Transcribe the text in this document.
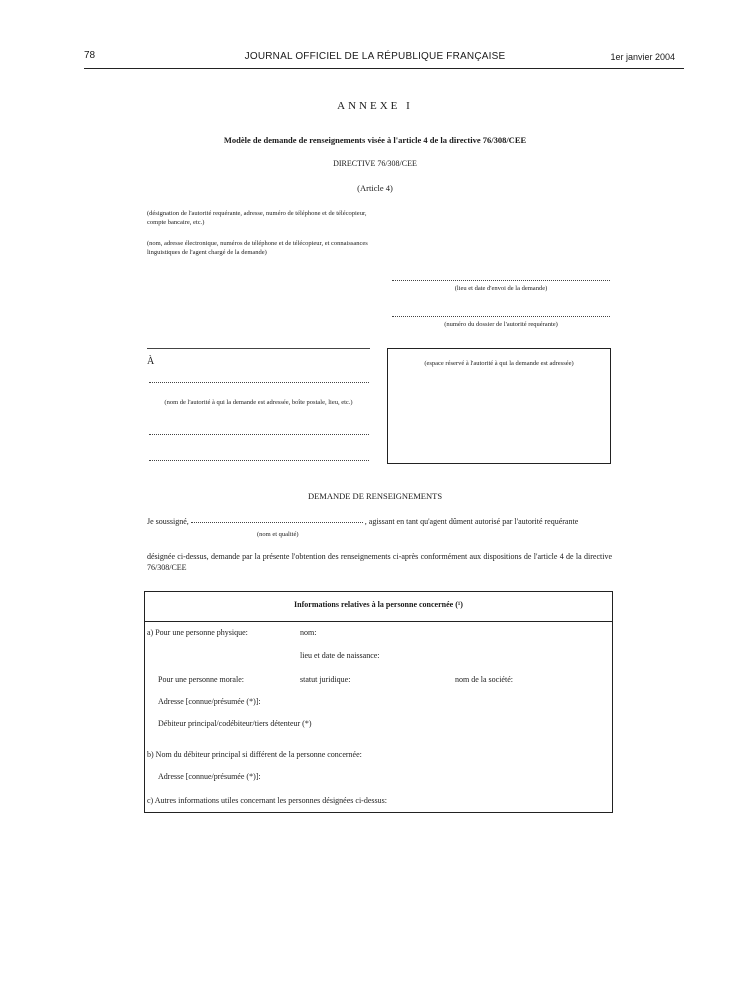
78	JOURNAL OFFICIEL DE LA RÉPUBLIQUE FRANÇAISE	1er janvier 2004
ANNEXE I
Modèle de demande de renseignements visée à l'article 4 de la directive 76/308/CEE
DIRECTIVE 76/308/CEE
(Article 4)
(désignation de l'autorité requérante, adresse, numéro de téléphone et de télécopieur, compte bancaire, etc.)
(nom, adresse électronique, numéros de téléphone et de télécopieur, et connaissances linguistiques de l'agent chargé de la demande)
(lieu et date d'envoi de la demande)
(numéro du dossier de l'autorité requérante)
À
(nom de l'autorité à qui la demande est adressée, boîte postale, lieu, etc.)
(espace réservé à l'autorité à qui la demande est adressée)
DEMANDE DE RENSEIGNEMENTS
Je soussigné,	, agissant en tant qu'agent dûment autorisé par l'autorité requérante
(nom et qualité)
désignée ci-dessus, demande par la présente l'obtention des renseignements ci-après conformément aux dispositions de l'article 4 de la directive 76/308/CEE
Informations relatives à la personne concernée (¹)
a) Pour une personne physique:	nom:
lieu et date de naissance:
Pour une personne morale:	statut juridique:	nom de la société:
Adresse [connue/présumée (*)]:
Débiteur principal/codébiteur/tiers détenteur (*)
b) Nom du débiteur principal si différent de la personne concernée:
Adresse [connue/présumée (*)]:
c) Autres informations utiles concernant les personnes désignées ci-dessus:
